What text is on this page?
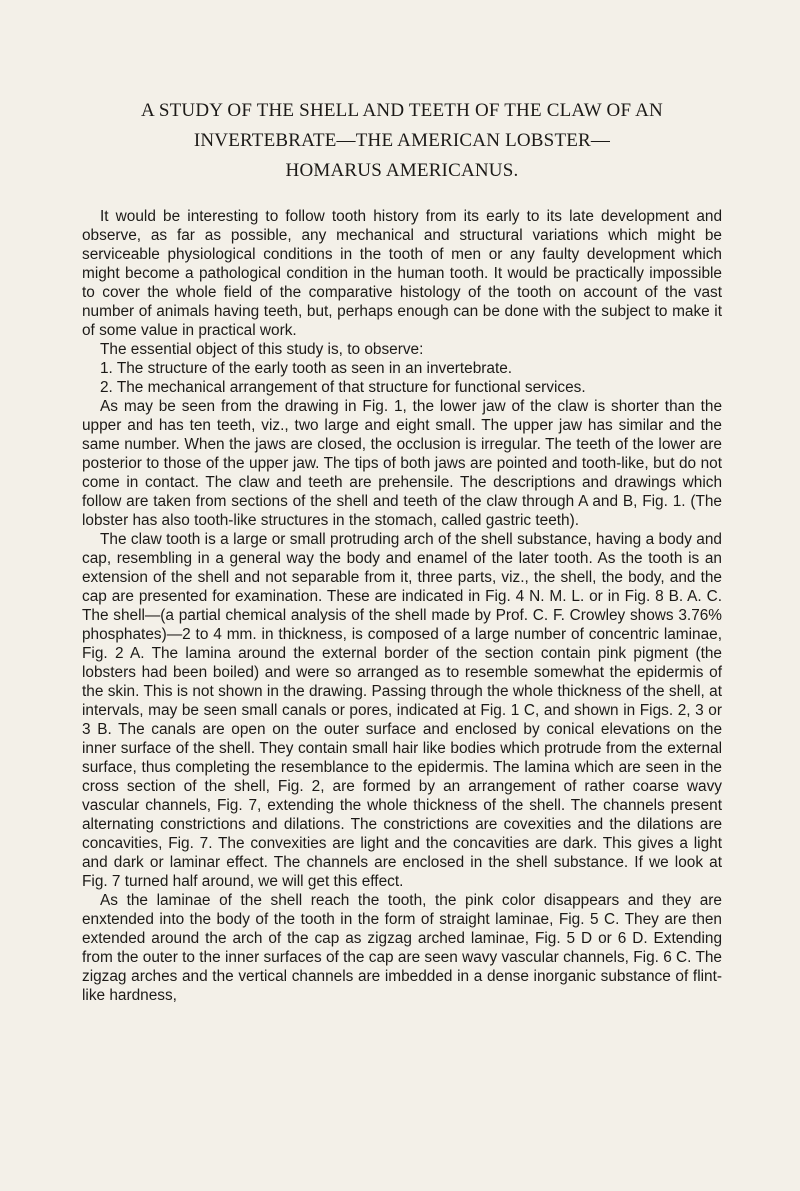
A STUDY OF THE SHELL AND TEETH OF THE CLAW OF AN
INVERTEBRATE—THE AMERICAN LOBSTER—
HOMARUS AMERICANUS.

It would be interesting to follow tooth history from its early to its late development and observe, as far as possible, any mechanical and structural variations which might be serviceable physiological conditions in the tooth of men or any faulty development which might become a pathological condition in the human tooth. It would be practically impossible to cover the whole field of the comparative histology of the tooth on account of the vast number of animals having teeth, but, perhaps enough can be done with the subject to make it of some value in practical work.

The essential object of this study is, to observe:

1. The structure of the early tooth as seen in an invertebrate.

2. The mechanical arrangement of that structure for functional services.

As may be seen from the drawing in Fig. 1, the lower jaw of the claw is shorter than the upper and has ten teeth, viz., two large and eight small. The upper jaw has similar and the same number. When the jaws are closed, the occlusion is irregular. The teeth of the lower are posterior to those of the upper jaw. The tips of both jaws are pointed and tooth-like, but do not come in contact. The claw and teeth are prehensile. The descriptions and drawings which follow are taken from sections of the shell and teeth of the claw through A and B, Fig. 1. (The lobster has also tooth-like structures in the stomach, called gastric teeth).

The claw tooth is a large or small protruding arch of the shell substance, having a body and cap, resembling in a general way the body and enamel of the later tooth. As the tooth is an extension of the shell and not separable from it, three parts, viz., the shell, the body, and the cap are presented for examination. These are indicated in Fig. 4 N. M. L. or in Fig. 8 B. A. C. The shell—(a partial chemical analysis of the shell made by Prof. C. F. Crowley shows 3.76% phosphates)—2 to 4 mm. in thickness, is composed of a large number of concentric laminae, Fig. 2 A. The lamina around the external border of the section contain pink pigment (the lobsters had been boiled) and were so arranged as to resemble somewhat the epidermis of the skin. This is not shown in the drawing. Passing through the whole thickness of the shell, at intervals, may be seen small canals or pores, indicated at Fig. 1 C, and shown in Figs. 2, 3 or 3 B. The canals are open on the outer surface and enclosed by conical elevations on the inner surface of the shell. They contain small hair like bodies which protrude from the external surface, thus completing the resemblance to the epidermis. The lamina which are seen in the cross section of the shell, Fig. 2, are formed by an arrangement of rather coarse wavy vascular channels, Fig. 7, extending the whole thickness of the shell. The channels present alternating constrictions and dilations. The constrictions are covexities and the dilations are concavities, Fig. 7. The convexities are light and the concavities are dark. This gives a light and dark or laminar effect. The channels are enclosed in the shell substance. If we look at Fig. 7 turned half around, we will get this effect.

As the laminae of the shell reach the tooth, the pink color disappears and they are enxtended into the body of the tooth in the form of straight laminae, Fig. 5 C. They are then extended around the arch of the cap as zigzag arched laminae, Fig. 5 D or 6 D. Extending from the outer to the inner surfaces of the cap are seen wavy vascular channels, Fig. 6 C. The zigzag arches and the vertical channels are imbedded in a dense inorganic substance of flint-like hardness,
